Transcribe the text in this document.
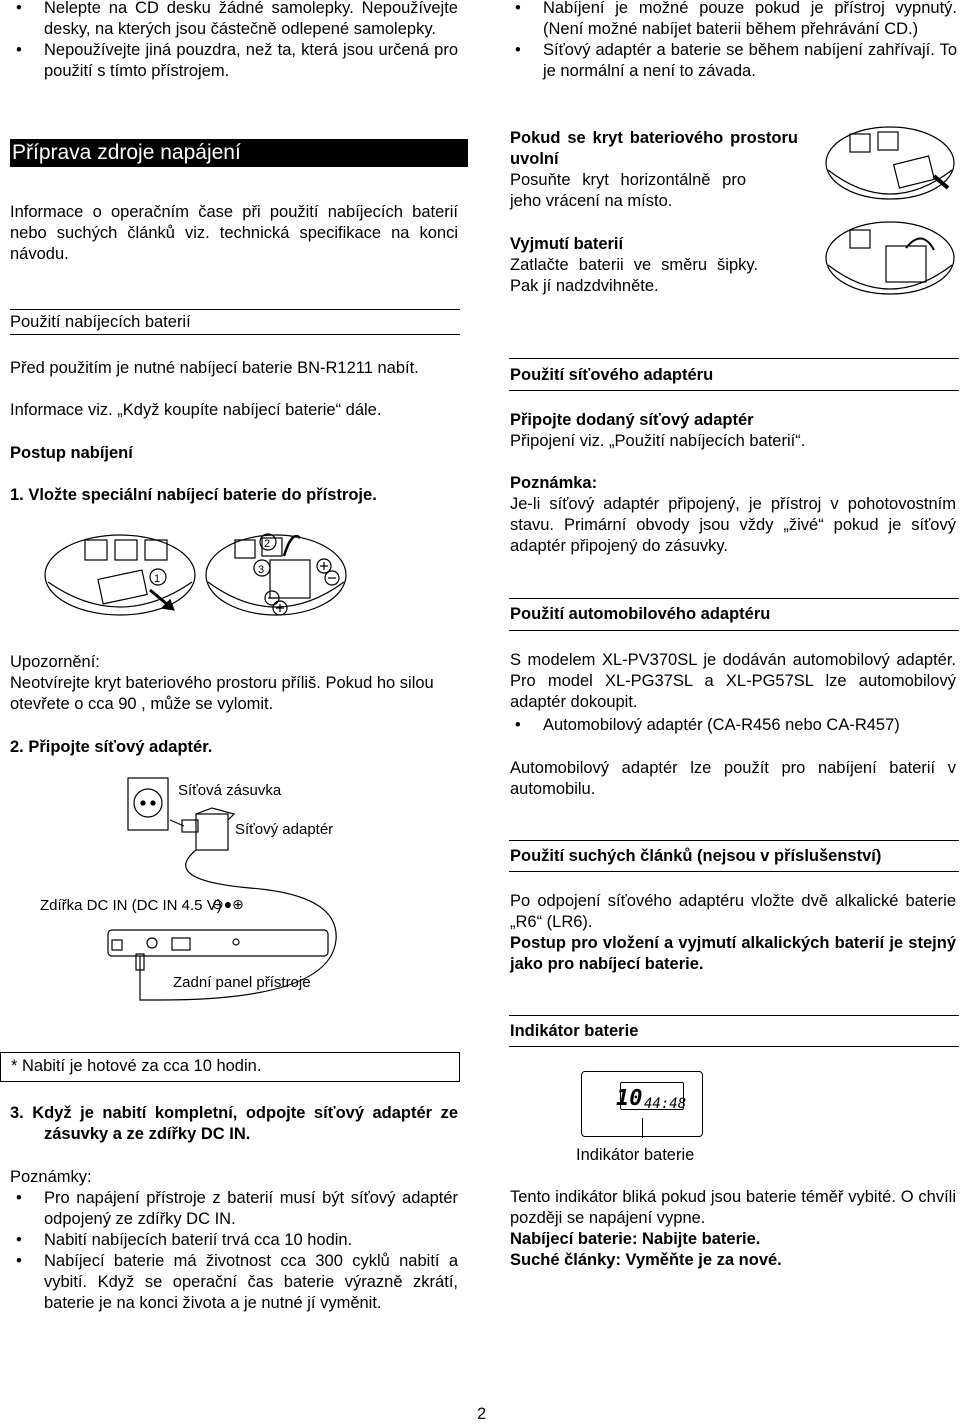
• Nelepte na CD desku žádné samolepky. Nepoužívejte desky, na kterých jsou částečně odlepené samolepky.
• Nepoužívejte jiná pouzdra, než ta, která jsou určená pro použití s tímto přístrojem.
Příprava zdroje napájení
Informace o operačním čase při použití nabíjecích baterií nebo suchých článků viz. technická specifikace na konci návodu.
Použití nabíjecích baterií
Před použitím je nutné nabíjecí baterie BN-R1211 nabít.
Informace viz. „Když koupíte nabíjecí baterie“ dále.
Postup nabíjení
1. Vložte speciální nabíjecí baterie do přístroje.
1
2
3
Upozornění:
Neotvírejte kryt bateriového prostoru příliš. Pokud ho silou otevřete o cca 90 , může se vylomit.
2. Připojte síťový adaptér.
Síťová zásuvka
Síťový adaptér
Zdířka DC IN (DC IN 4.5 V)
⊖●⊕
Zadní panel přístroje
* Nabití je hotové za cca 10 hodin.
3. Když je nabití kompletní, odpojte síťový adaptér ze zásuvky a ze zdířky DC IN.
Poznámky:
• Pro napájení přístroje z baterií musí být síťový adaptér odpojený ze zdířky DC IN.
• Nabití nabíjecích baterií trvá cca 10 hodin.
• Nabíjecí baterie má životnost cca 300 cyklů nabití a vybití. Když se operační čas baterie výrazně zkrátí, baterie je na konci života a je nutné jí vyměnit.
• Nabíjení je možné pouze pokud je přístroj vypnutý. (Není možné nabíjet baterii během přehrávání CD.)
• Síťový adaptér a baterie se během nabíjení zahřívají. To je normální a není to závada.
Pokud se kryt bateriového prostoru uvolní
Posuňte kryt horizontálně pro jeho vrácení na místo.
Vyjmutí baterií
Zatlačte baterii ve směru šipky. Pak jí nadzdvihněte.
Použití síťového adaptéru
Připojte dodaný síťový adaptér
Připojení viz. „Použití nabíjecích baterií“.
Poznámka:
Je-li síťový adaptér připojený, je přístroj v pohotovostním stavu. Primární obvody jsou vždy „živé“ pokud je síťový adaptér připojený do zásuvky.
Použití automobilového adaptéru
S modelem XL-PV370SL je dodáván automobilový adaptér. Pro model XL-PG37SL a XL-PG57SL lze automobilový adaptér dokoupit.
• Automobilový adaptér (CA-R456 nebo CA-R457)
Automobilový adaptér lze použít pro nabíjení baterií v automobilu.
Použití suchých článků (nejsou v příslušenství)
Po odpojení síťového adaptéru vložte dvě alkalické baterie „R6“ (LR6).
Postup pro vložení a vyjmutí alkalických baterií je stejný jako pro nabíjecí baterie.
Indikátor baterie
10 44:48
Indikátor baterie
Tento indikátor bliká pokud jsou baterie téměř vybité. O chvíli později se napájení vypne.
Nabíjecí baterie: Nabijte baterie.
Suché články: Vyměňte je za nové.
2
